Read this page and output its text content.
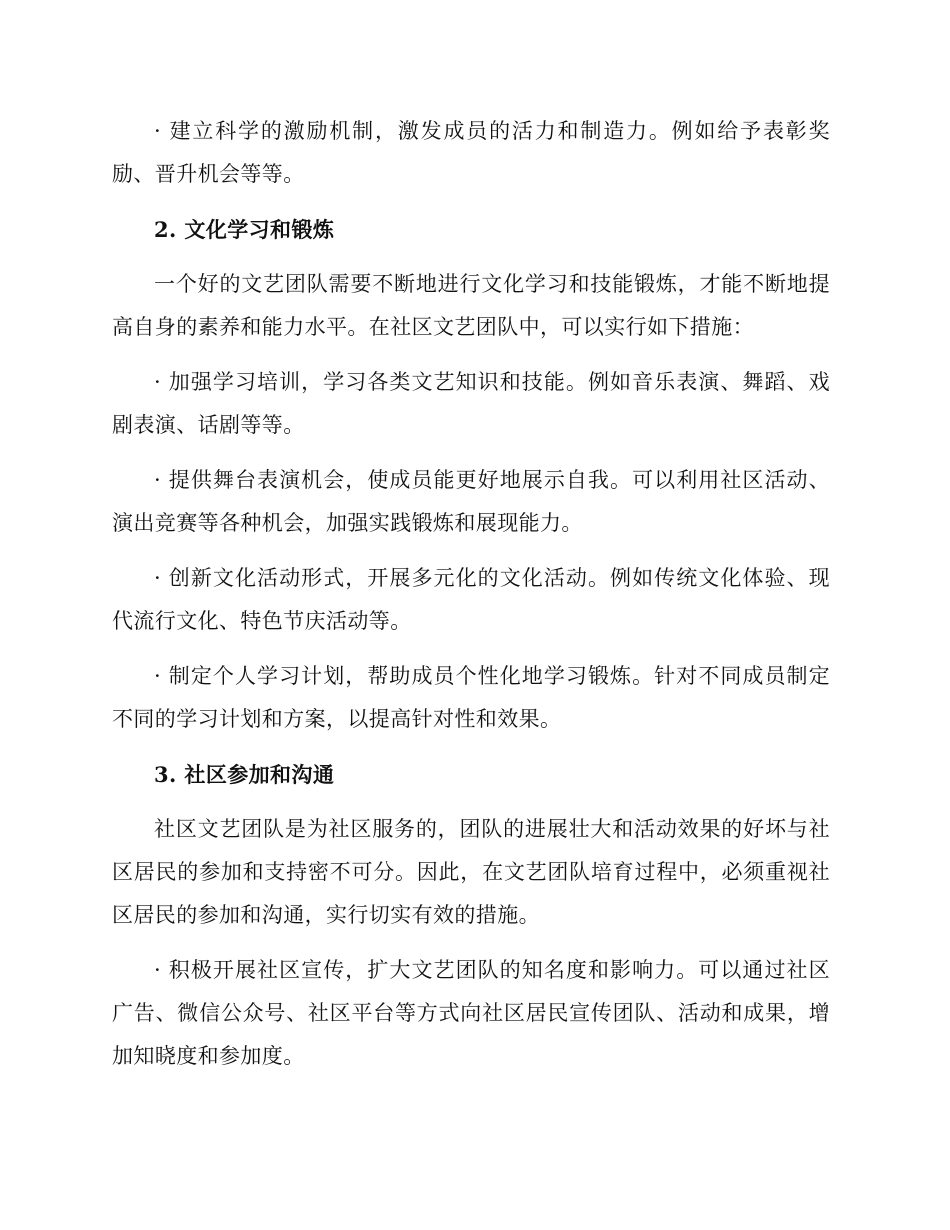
· 建立科学的激励机制，激发成员的活力和制造力。例如给予表彰奖励、晋升机会等等。

2. 文化学习和锻炼

一个好的文艺团队需要不断地进行文化学习和技能锻炼，才能不断地提高自身的素养和能力水平。在社区文艺团队中，可以实行如下措施：

· 加强学习培训，学习各类文艺知识和技能。例如音乐表演、舞蹈、戏剧表演、话剧等等。

· 提供舞台表演机会，使成员能更好地展示自我。可以利用社区活动、演出竞赛等各种机会，加强实践锻炼和展现能力。

· 创新文化活动形式，开展多元化的文化活动。例如传统文化体验、现代流行文化、特色节庆活动等。

· 制定个人学习计划，帮助成员个性化地学习锻炼。针对不同成员制定不同的学习计划和方案，以提高针对性和效果。

3. 社区参加和沟通

社区文艺团队是为社区服务的，团队的进展壮大和活动效果的好坏与社区居民的参加和支持密不可分。因此，在文艺团队培育过程中，必须重视社区居民的参加和沟通，实行切实有效的措施。

· 积极开展社区宣传，扩大文艺团队的知名度和影响力。可以通过社区广告、微信公众号、社区平台等方式向社区居民宣传团队、活动和成果，增加知晓度和参加度。
